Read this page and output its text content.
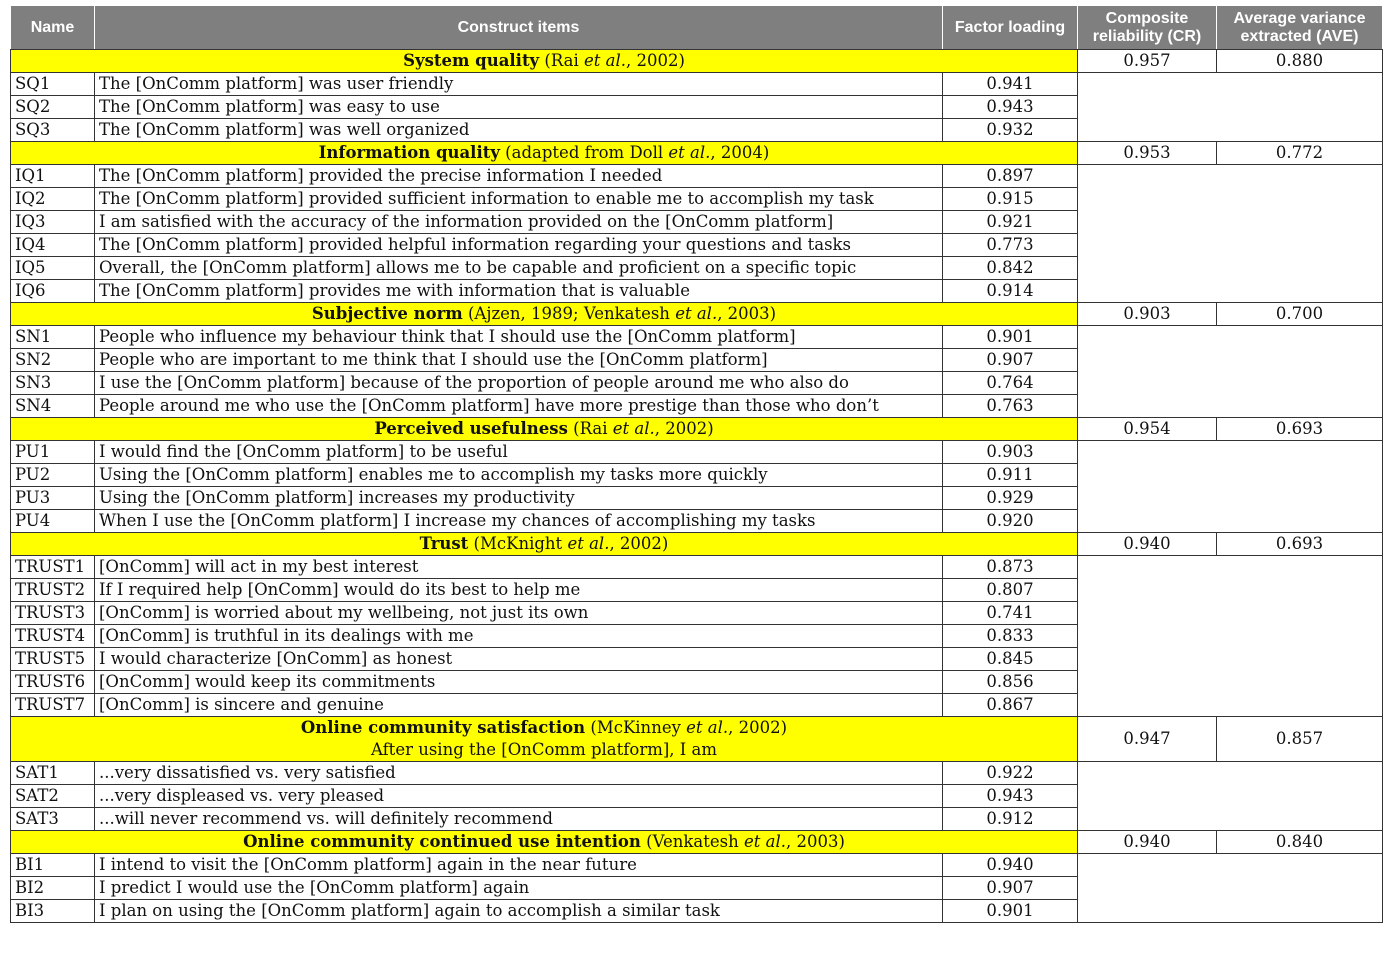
Name	Construct items	Factor loading	Composite reliability (CR)	Average variance extracted (AVE)
System quality (Rai et al., 2002)			0.957	0.880
SQ1	The [OnComm platform] was user friendly	0.941		
SQ2	The [OnComm platform] was easy to use	0.943		
SQ3	The [OnComm platform] was well organized	0.932		
Information quality (adapted from Doll et al., 2004)			0.953	0.772
IQ1	The [OnComm platform] provided the precise information I needed	0.897		
IQ2	The [OnComm platform] provided sufficient information to enable me to accomplish my task	0.915		
IQ3	I am satisfied with the accuracy of the information provided on the [OnComm platform]	0.921		
IQ4	The [OnComm platform] provided helpful information regarding your questions and tasks	0.773		
IQ5	Overall, the [OnComm platform] allows me to be capable and proficient on a specific topic	0.842		
IQ6	The [OnComm platform] provides me with information that is valuable	0.914		
Subjective norm (Ajzen, 1989; Venkatesh et al., 2003)			0.903	0.700
SN1	People who influence my behaviour think that I should use the [OnComm platform]	0.901		
SN2	People who are important to me think that I should use the [OnComm platform]	0.907		
SN3	I use the [OnComm platform] because of the proportion of people around me who also do	0.764		
SN4	People around me who use the [OnComm platform] have more prestige than those who don’t	0.763		
Perceived usefulness (Rai et al., 2002)			0.954	0.693
PU1	I would find the [OnComm platform] to be useful	0.903		
PU2	Using the [OnComm platform] enables me to accomplish my tasks more quickly	0.911		
PU3	Using the [OnComm platform] increases my productivity	0.929		
PU4	When I use the [OnComm platform] I increase my chances of accomplishing my tasks	0.920		
Trust (McKnight et al., 2002)			0.940	0.693
TRUST1	[OnComm] will act in my best interest	0.873		
TRUST2	If I required help [OnComm] would do its best to help me	0.807		
TRUST3	[OnComm] is worried about my wellbeing, not just its own	0.741		
TRUST4	[OnComm] is truthful in its dealings with me	0.833		
TRUST5	I would characterize [OnComm] as honest	0.845		
TRUST6	[OnComm] would keep its commitments	0.856		
TRUST7	[OnComm] is sincere and genuine	0.867		
Online community satisfaction (McKinney et al., 2002)
After using the [OnComm platform], I am			0.947	0.857
SAT1	...very dissatisfied vs. very satisfied	0.922		
SAT2	...very displeased vs. very pleased	0.943		
SAT3	...will never recommend vs. will definitely recommend	0.912		
Online community continued use intention (Venkatesh et al., 2003)			0.940	0.840
BI1	I intend to visit the [OnComm platform] again in the near future	0.940		
BI2	I predict I would use the [OnComm platform] again	0.907		
BI3	I plan on using the [OnComm platform] again to accomplish a similar task	0.901		
